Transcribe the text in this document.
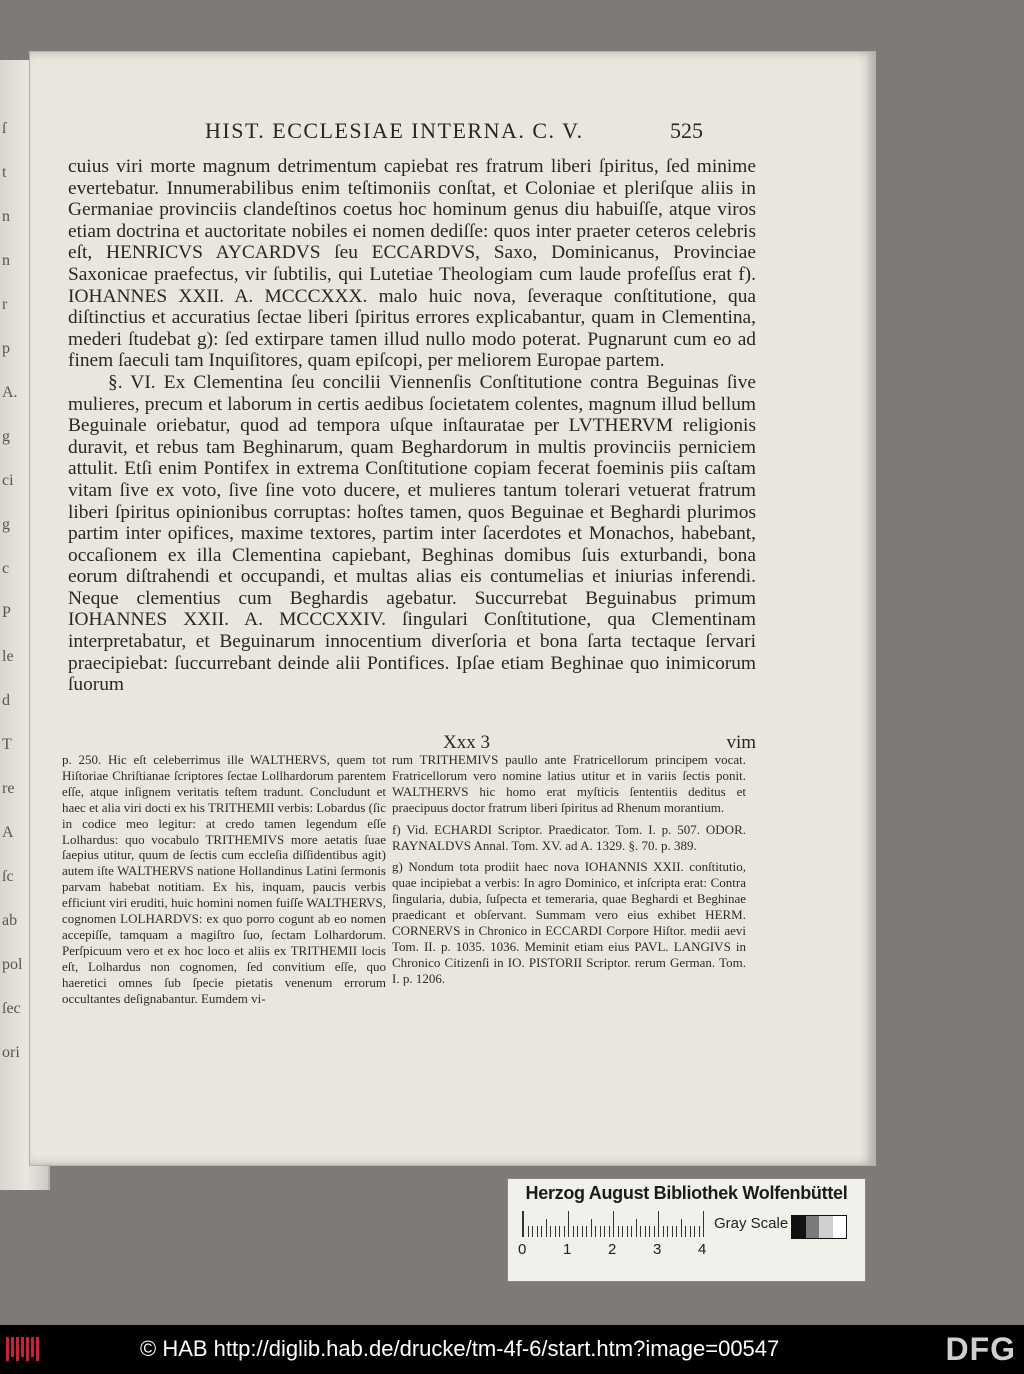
ſ
t
n
n
r
p
A.
g
ci
g
c
P
le
d
T
re
A
ſc
ab
pol
ſec
ori
HIST. ECCLESIAE INTERNA. C. V.	525

cuius viri morte magnum detrimentum capiebat res fratrum liberi ſpiritus, ſed minime evertebatur. Innumerabilibus enim teſtimoniis conſtat, et Coloniae et pleriſque aliis in Germaniae provinciis clandeſtinos coetus hoc hominum genus diu habuiſſe, atque viros etiam doctrina et auctoritate nobiles ei nomen dediſſe: quos inter praeter ceteros celebris eſt, HENRICVS AYCARDVS ſeu ECCARDVS, Saxo, Dominicanus, Provinciae Saxonicae praefectus, vir ſubtilis, qui Lutetiae Theologiam cum laude profeſſus erat f). IOHANNES XXII. A. MCCCXXX. malo huic nova, ſeveraque conſtitutione, qua diſtinctius et accuratius ſectae liberi ſpiritus errores explicabantur, quam in Clementina, mederi ſtudebat g): ſed extirpare tamen illud nullo modo poterat. Pugnarunt cum eo ad finem ſaeculi tam Inquiſitores, quam epiſcopi, per meliorem Europae partem.

§. VI. Ex Clementina ſeu concilii Viennenſis Conſtitutione contra Beguinas ſive mulieres, precum et laborum in certis aedibus ſocietatem colentes, magnum illud bellum Beguinale oriebatur, quod ad tempora uſque inſtauratae per LVTHERVM religionis duravit, et rebus tam Beghinarum, quam Beghardorum in multis provinciis perniciem attulit. Etſi enim Pontifex in extrema Conſtitutione copiam fecerat foeminis piis caſtam vitam ſive ex voto, ſive ſine voto ducere, et mulieres tantum tolerari vetuerat fratrum liberi ſpiritus opinionibus corruptas: hoſtes tamen, quos Beguinae et Beghardi plurimos partim inter opifices, maxime textores, partim inter ſacerdotes et Monachos, habebant, occaſionem ex illa Clementina capiebant, Beghinas domibus ſuis exturbandi, bona eorum diſtrahendi et occupandi, et multas alias eis contumelias et iniurias inferendi. Neque clementius cum Beghardis agebatur. Succurrebat Beguinabus primum IOHANNES XXII. A. MCCCXXIV. ſingulari Conſtitutione, qua Clementinam interpretabatur, et Beguinarum innocentium diverſoria et bona ſarta tectaque ſervari praecipiebat: ſuccurrebant deinde alii Pontifices. Ipſae etiam Beghinae quo inimicorum ſuorum

Xxx 3	vim

p. 250. Hic eſt celeberrimus ille WALTHERVS, quem tot Hiſtoriae Chriſtianae ſcriptores ſectae Lollhardorum parentem eſſe, atque inſignem veritatis teſtem tradunt. Concludunt et haec et alia viri docti ex his TRITHEMII verbis: Lobardus (ſic in codice meo legitur: at credo tamen legendum eſſe Lolhardus: quo vocabulo TRITHEMIVS more aetatis ſuae ſaepius utitur, quum de ſectis cum eccleſia diſſidentibus agit) autem iſte WALTHERVS natione Hollandinus Latini ſermonis parvam habebat notitiam. Ex his, inquam, paucis verbis efficiunt viri eruditi, huic homini nomen fuiſſe WALTHERVS, cognomen LOLHARDVS: ex quo porro cogunt ab eo nomen accepiſſe, tamquam a magiſtro ſuo, ſectam Lolhardorum. Perſpicuum vero et ex hoc loco et aliis ex TRITHEMII locis eſt, Lolhardus non cognomen, ſed convitium eſſe, quo haeretici omnes ſub ſpecie pietatis venenum errorum occultantes deſignabantur. Eumdem vi-

rum TRITHEMIVS paullo ante Fratricellorum principem vocat. Fratricellorum vero nomine latius utitur et in variis ſectis ponit. WALTHERVS hic homo erat myſticis ſententiis deditus et praecipuus doctor fratrum liberi ſpiritus ad Rhenum morantium.

f) Vid. ECHARDI Scriptor. Praedicator. Tom. I. p. 507. ODOR. RAYNALDVS Annal. Tom. XV. ad A. 1329. §. 70. p. 389.

g) Nondum tota prodiit haec nova IOHANNIS XXII. conſtitutio, quae incipiebat a verbis: In agro Dominico, et inſcripta erat: Contra ſingularia, dubia, ſuſpecta et temeraria, quae Beghardi et Beghinae praedicant et obſervant. Summam vero eius exhibet HERM. CORNERVS in Chronico in ECCARDI Corpore Hiſtor. medii aevi Tom. II. p. 1035. 1036. Meminit etiam eius PAVL. LANGIVS in Chronico Citizenſi in IO. PISTORII Scriptor. rerum German. Tom. I. p. 1206.

Herzog August Bibliothek Wolfenbüttel
0 1 2 3 4
Gray Scale
© HAB http://diglib.hab.de/drucke/tm-4f-6/start.htm?image=00547	DFG
